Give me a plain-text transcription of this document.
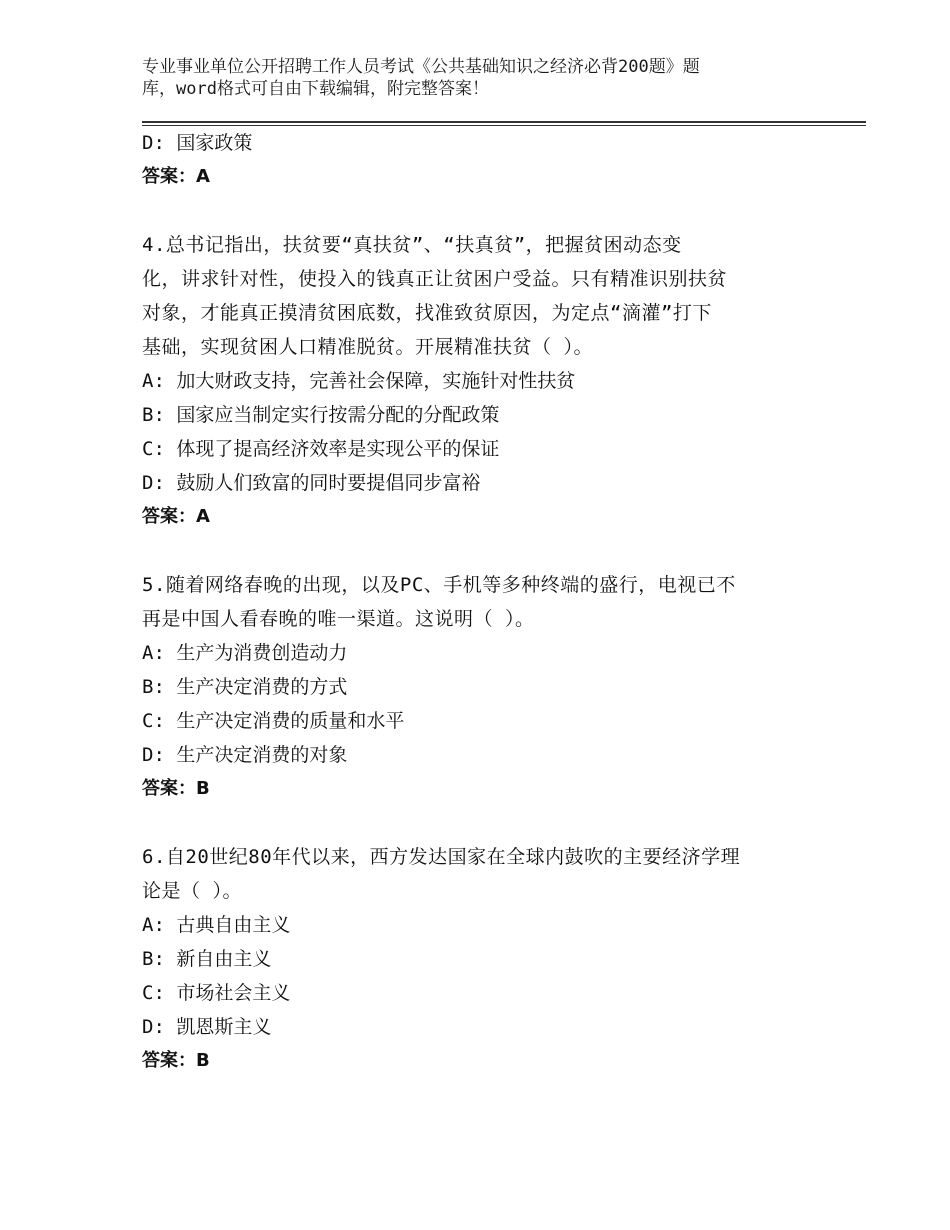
专业事业单位公开招聘工作人员考试《公共基础知识之经济必背200题》题
库，word格式可自由下载编辑，附完整答案！
D: 国家政策
答案：A
4.总书记指出，扶贫要“真扶贫”、“扶真贫”，把握贫困动态变
化，讲求针对性，使投入的钱真正让贫困户受益。只有精准识别扶贫
对象，才能真正摸清贫困底数，找准致贫原因，为定点“滴灌”打下
基础，实现贫困人口精准脱贫。开展精准扶贫（ ）。
A: 加大财政支持，完善社会保障，实施针对性扶贫
B: 国家应当制定实行按需分配的分配政策
C: 体现了提高经济效率是实现公平的保证
D: 鼓励人们致富的同时要提倡同步富裕
答案：A
5.随着网络春晚的出现，以及PC、手机等多种终端的盛行，电视已不
再是中国人看春晚的唯一渠道。这说明（ ）。
A: 生产为消费创造动力
B: 生产决定消费的方式
C: 生产决定消费的质量和水平
D: 生产决定消费的对象
答案：B
6.自20世纪80年代以来，西方发达国家在全球内鼓吹的主要经济学理
论是（ ）。
A: 古典自由主义
B: 新自由主义
C: 市场社会主义
D: 凯恩斯主义
答案：B
